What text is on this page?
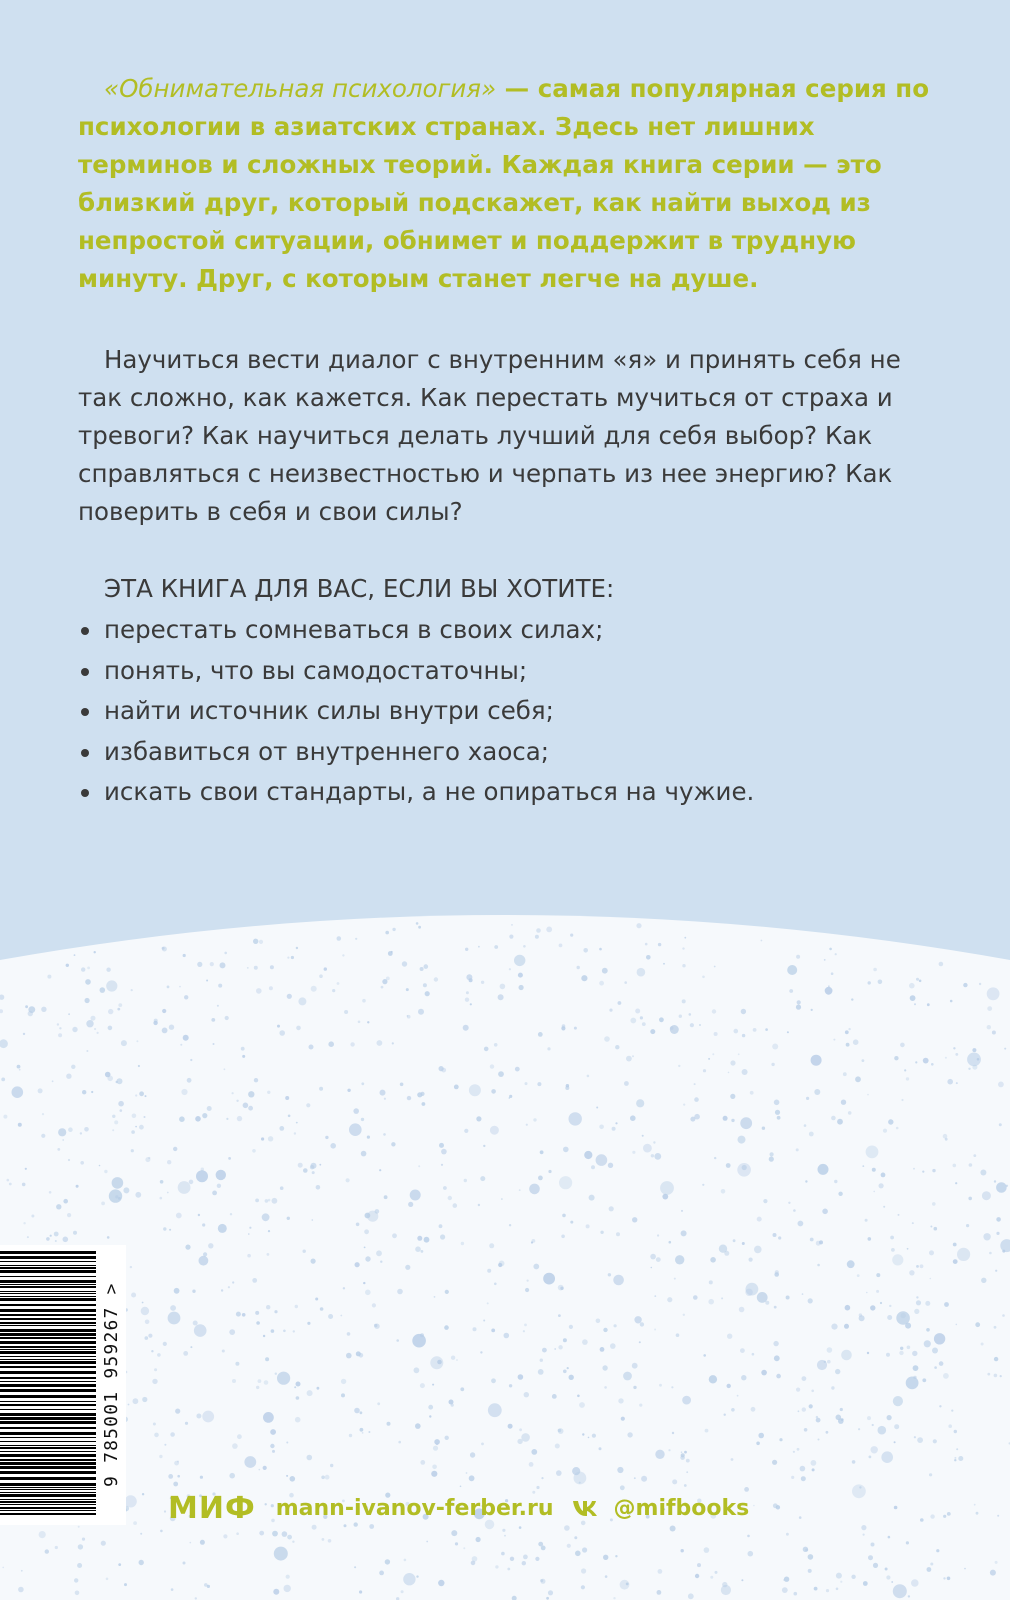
«Обнимательная психология» — самая популярная серия по психологии в азиатских странах. Здесь нет лишних терминов и сложных теорий. Каждая книга серии — это близкий друг, который подскажет, как найти выход из непростой ситуации, обнимет и поддержит в трудную минуту. Друг, с которым станет легче на душе.

Научиться вести диалог с внутренним «я» и принять себя не так сложно, как кажется. Как перестать мучиться от страха и тревоги? Как научиться делать лучший для себя выбор? Как справляться с неизвестностью и черпать из нее энергию? Как поверить в себя и свои силы?

ЭТА КНИГА ДЛЯ ВАС, ЕСЛИ ВЫ ХОТИТЕ:
перестать сомневаться в своих силах;
понять, что вы самодостаточны;
найти источник силы внутри себя;
избавиться от внутреннего хаоса;
искать свои стандарты, а не опираться на чужие.
9 785001 959267 >
МИФ mann-ivanov-ferber.ru	@mifbooks
